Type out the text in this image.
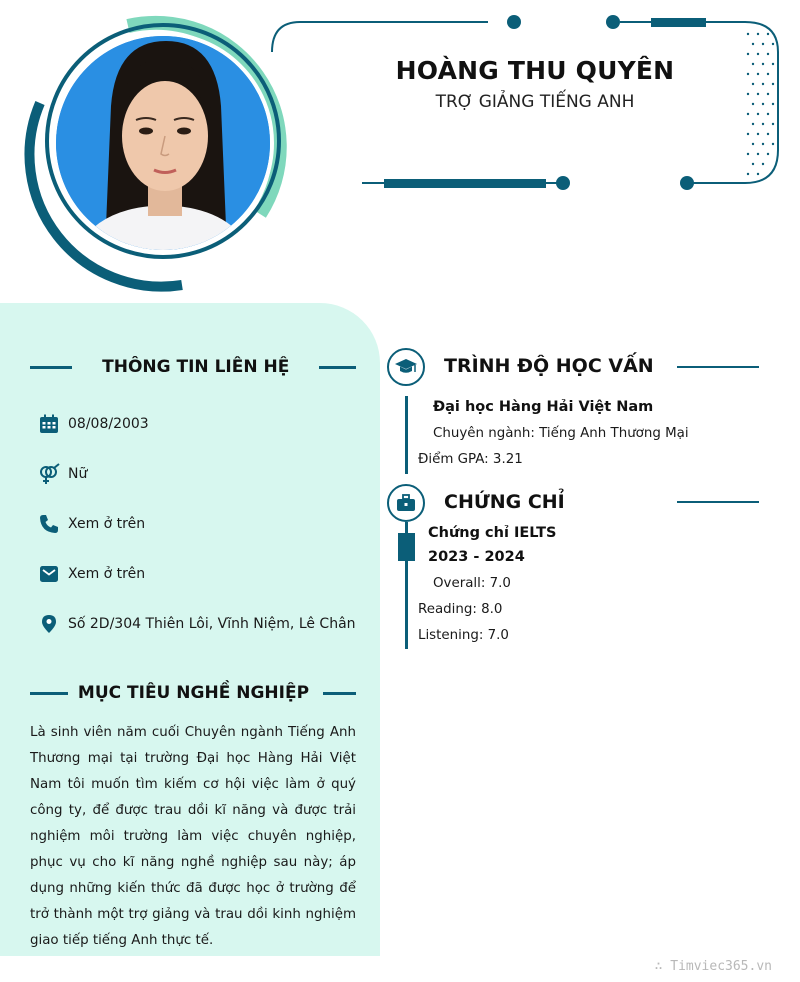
HOÀNG THU QUYÊN
TRỢ GIẢNG TIẾNG ANH
THÔNG TIN LIÊN HỆ
08/08/2003
Nữ
Xem ở trên
Xem ở trên
Số 2D/304 Thiên Lôi, Vĩnh Niệm, Lê Chân
MỤC TIÊU NGHỀ NGHIỆP
Là sinh viên năm cuối Chuyên ngành Tiếng Anh Thương mại tại trường Đại học Hàng Hải Việt Nam tôi muốn tìm kiếm cơ hội việc làm ở quý công ty, để được trau dồi kĩ năng và được trải nghiệm môi trường làm việc chuyên nghiệp, phục vụ cho kĩ năng nghề nghiệp sau này; áp dụng những kiến thức đã được học ở trường để trở thành một trợ giảng và trau dồi kinh nghiệm giao tiếp tiếng Anh thực tế.
TRÌNH ĐỘ HỌC VẤN
Đại học Hàng Hải Việt Nam
Chuyên ngành: Tiếng Anh Thương Mại
Điểm GPA: 3.21
CHỨNG CHỈ
Chứng chỉ IELTS
2023 - 2024
Overall: 7.0
Reading: 8.0
Listening: 7.0
∴ Timviec365.vn
